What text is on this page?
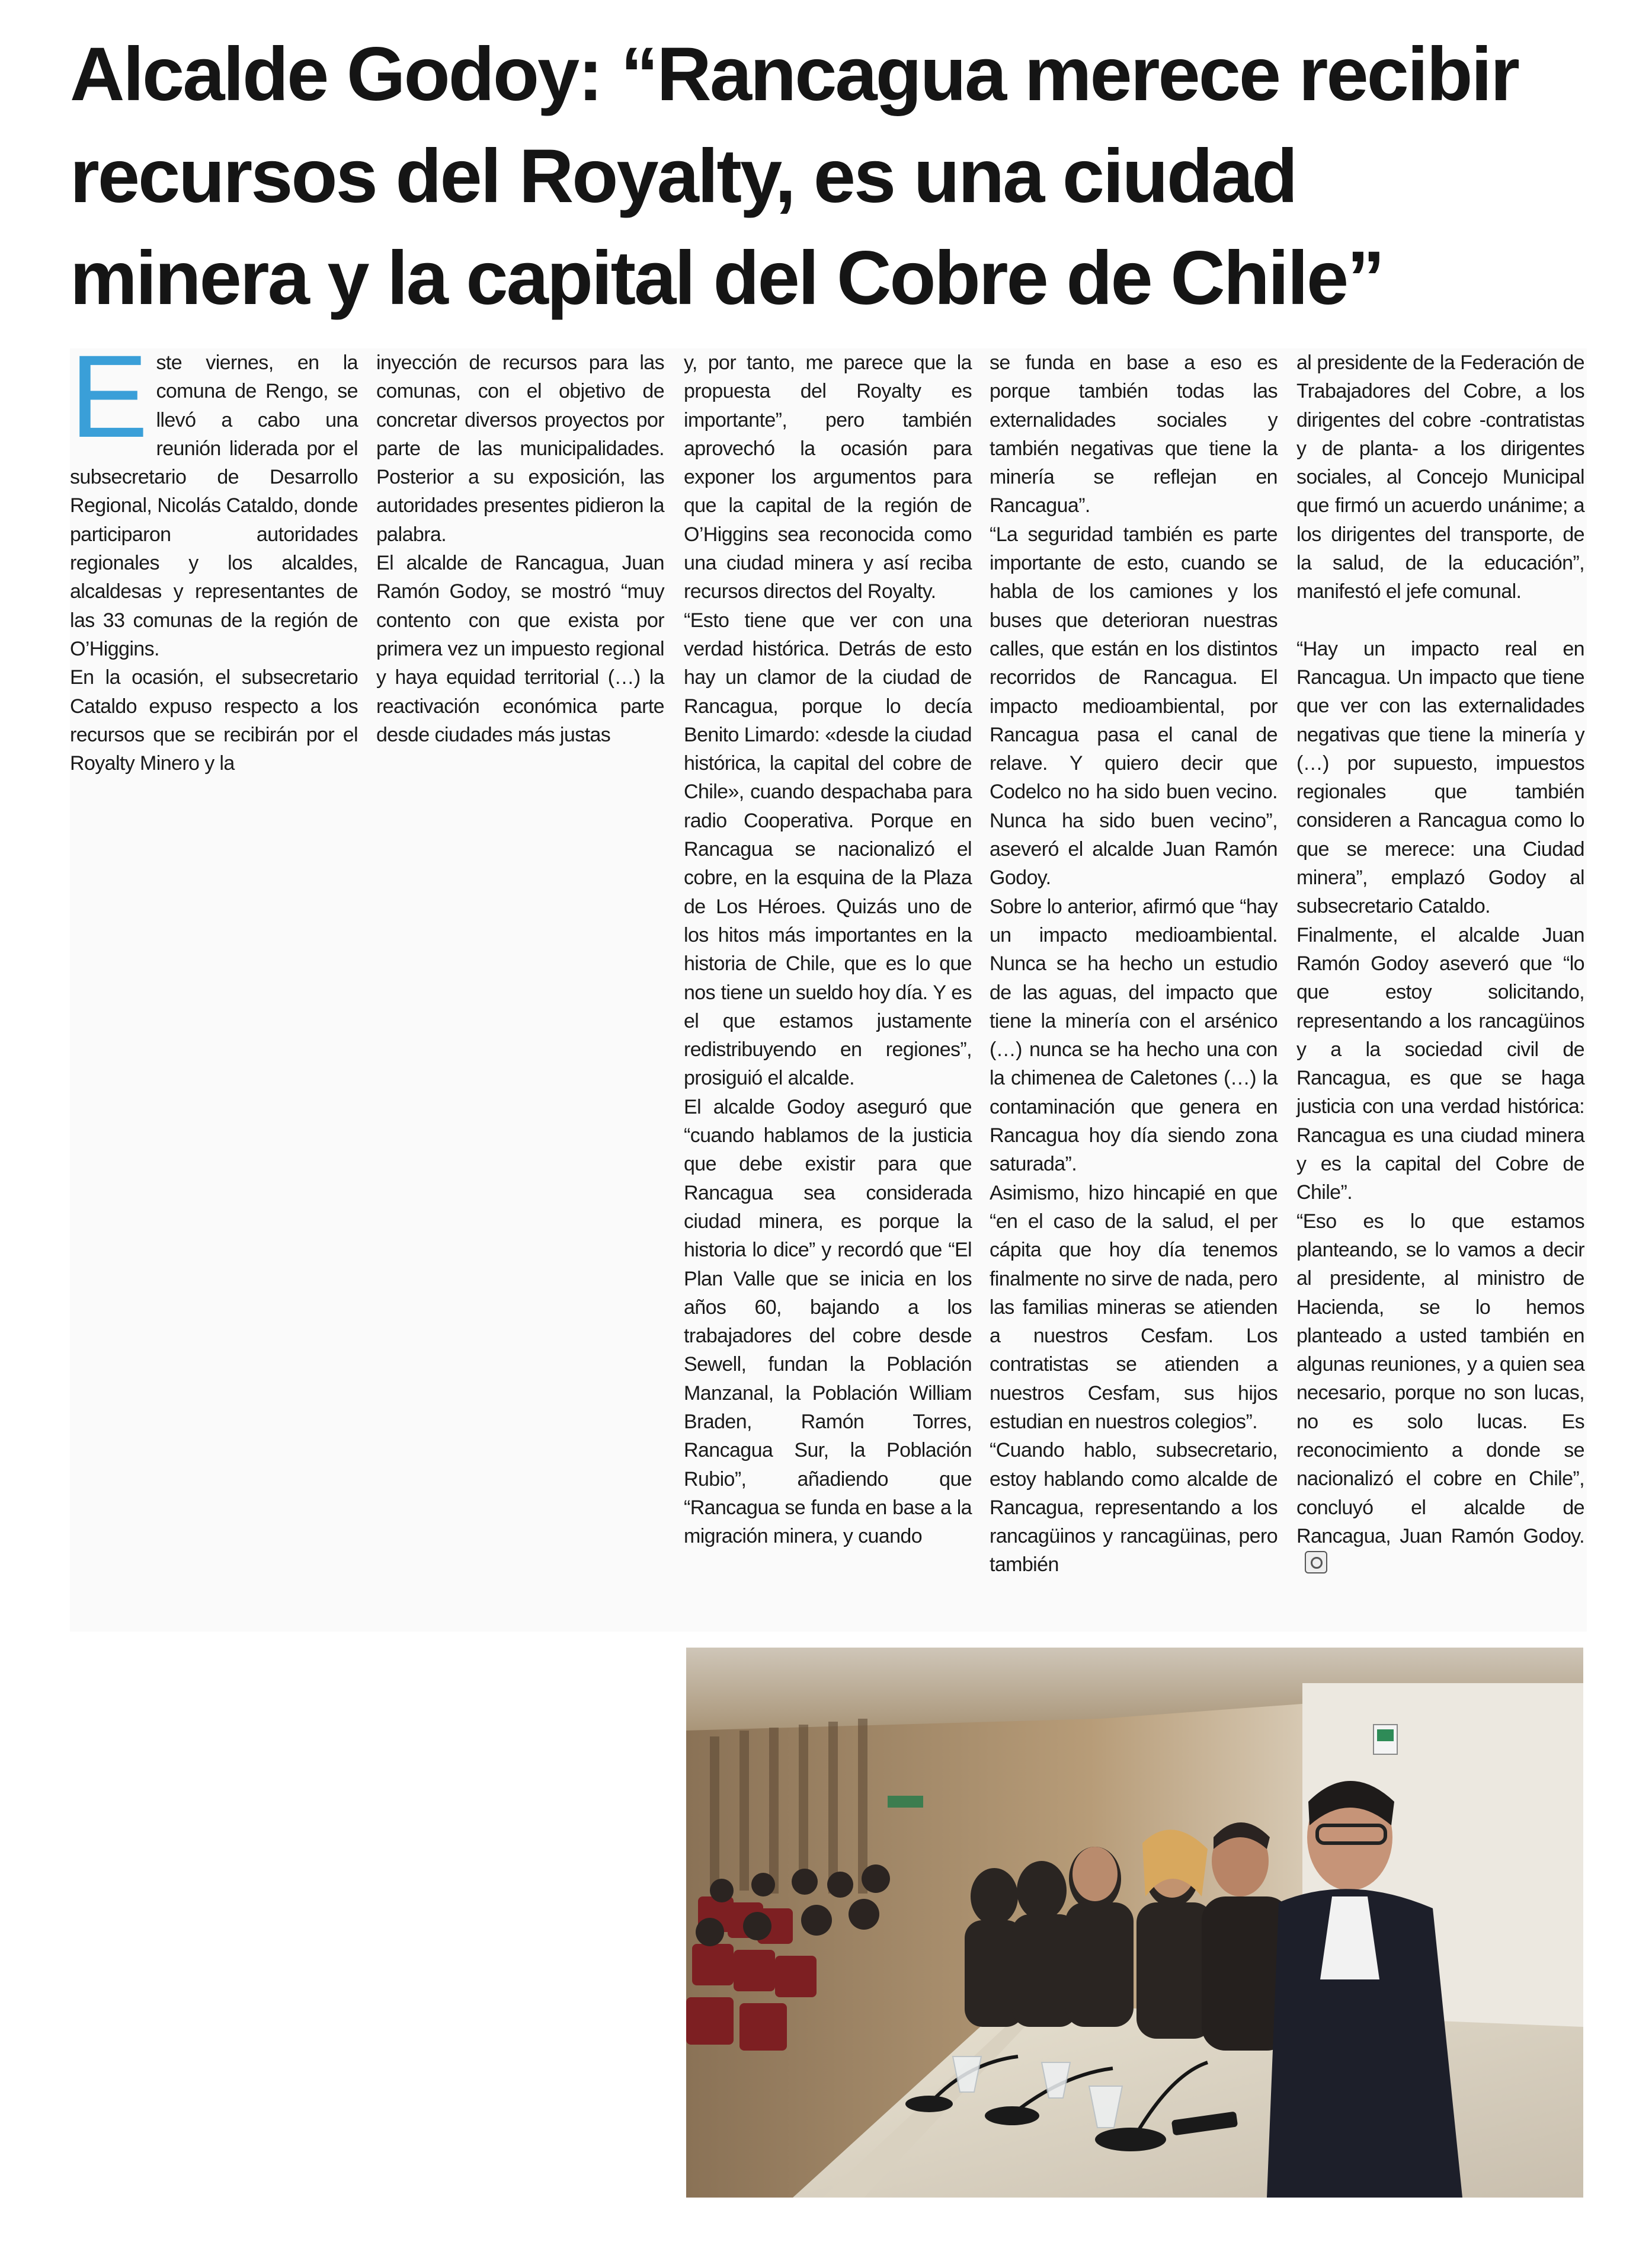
Alcalde Godoy: “Rancagua merece recibir
recursos del Royalty, es una ciudad
minera y la capital del Cobre de Chile”

Este viernes, en la comuna de Rengo, se llevó a cabo una reunión liderada por el subsecretario de Desarrollo Regional, Nicolás Cataldo, donde participaron autoridades regionales y los alcaldes, alcaldesas y representantes de las 33 comunas de la región de O’Higgins.

En la ocasión, el subsecretario Cataldo expuso respecto a los recursos que se recibirán por el Royalty Minero y la

inyección de recursos para las comunas, con el objetivo de concretar diversos proyectos por parte de las municipalidades. Posterior a su exposición, las autoridades presentes pidieron la palabra.

El alcalde de Rancagua, Juan Ramón Godoy, se mostró “muy contento con que exista por primera vez un impuesto regional y haya equidad territorial (…) la reactivación económica parte desde ciudades más justas

y, por tanto, me parece que la propuesta del Royalty es importante”, pero también aprovechó la ocasión para exponer los argumentos para que la capital de la región de O’Higgins sea reconocida como una ciudad minera y así reciba recursos directos del Royalty.

“Esto tiene que ver con una verdad histórica. Detrás de esto hay un clamor de la ciudad de Rancagua, porque lo decía Benito Limardo: «desde la ciudad histórica, la capital del cobre de Chile», cuando despachaba para radio Cooperativa. Porque en Rancagua se nacionalizó el cobre, en la esquina de la Plaza de Los Héroes. Quizás uno de los hitos más importantes en la historia de Chile, que es lo que nos tiene un sueldo hoy día. Y es el que estamos justamente redistribuyendo en regiones”, prosiguió el alcalde.

El alcalde Godoy aseguró que “cuando hablamos de la justicia que debe existir para que Rancagua sea considerada ciudad minera, es porque la historia lo dice” y recordó que “El Plan Valle que se inicia en los años 60, bajando a los trabajadores del cobre desde Sewell, fundan la Población Manzanal, la Población William Braden, Ramón Torres, Rancagua Sur, la Población Rubio”, añadiendo que “Rancagua se funda en base a la migración minera, y cuando

se funda en base a eso es porque también todas las externalidades sociales y también negativas que tiene la minería se reflejan en Rancagua”.

“La seguridad también es parte importante de esto, cuando se habla de los camiones y los buses que deterioran nuestras calles, que están en los distintos recorridos de Rancagua. El impacto medioambiental, por Rancagua pasa el canal de relave. Y quiero decir que Codelco no ha sido buen vecino. Nunca ha sido buen vecino”, aseveró el alcalde Juan Ramón Godoy.

Sobre lo anterior, afirmó que “hay un impacto medioambiental. Nunca se ha hecho un estudio de las aguas, del impacto que tiene la minería con el arsénico (…) nunca se ha hecho una con la chimenea de Caletones (…) la contaminación que genera en Rancagua hoy día siendo zona saturada”.

Asimismo, hizo hincapié en que “en el caso de la salud, el per cápita que hoy día tenemos finalmente no sirve de nada, pero las familias mineras se atienden a nuestros Cesfam. Los contratistas se atienden a nuestros Cesfam, sus hijos estudian en nuestros colegios”.

“Cuando hablo, subsecretario, estoy hablando como alcalde de Rancagua, representando a los rancagüinos y rancagüinas, pero también

al presidente de la Federación de Trabajadores del Cobre, a los dirigentes del cobre -contratistas y de planta- a los dirigentes sociales, al Concejo Municipal que firmó un acuerdo unánime; a los dirigentes del transporte, de la salud, de la educación”, manifestó el jefe comunal.

“Hay un impacto real en Rancagua. Un impacto que tiene que ver con las externalidades negativas que tiene la minería y (…) por supuesto, impuestos regionales que también consideren a Rancagua como lo que se merece: una Ciudad minera”, emplazó Godoy al subsecretario Cataldo.

Finalmente, el alcalde Juan Ramón Godoy aseveró que “lo que estoy solicitando, representando a los rancagüinos y a la sociedad civil de Rancagua, es que se haga justicia con una verdad histórica: Rancagua es una ciudad minera y es la capital del Cobre de Chile”.

“Eso es lo que estamos planteando, se lo vamos a decir al presidente, al ministro de Hacienda, se lo hemos planteado a usted también en algunas reuniones, y a quien sea necesario, porque no son lucas, no es solo lucas. Es reconocimiento a donde se nacionalizó el cobre en Chile”, concluyó el alcalde de Rancagua, Juan Ramón Godoy.
